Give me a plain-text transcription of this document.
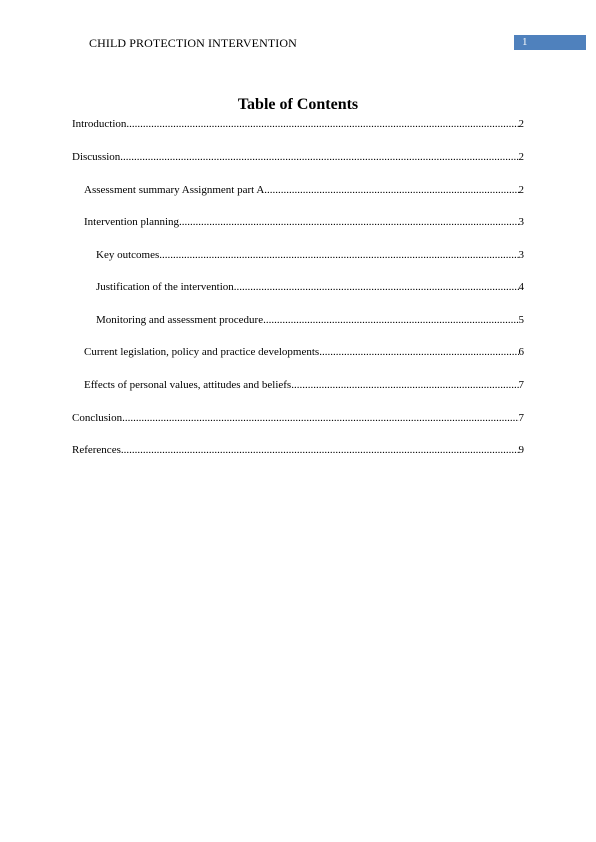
CHILD PROTECTION INTERVENTION	1
Table of Contents
Introduction .....	2
Discussion .....	2
Assessment summary Assignment part A .....	2
Intervention planning .....	3
Key outcomes .....	3
Justification of the intervention .....	4
Monitoring and assessment procedure .....	5
Current legislation, policy and practice developments .....	6
Effects of personal values, attitudes and beliefs .....	7
Conclusion .....	7
References .....	9
